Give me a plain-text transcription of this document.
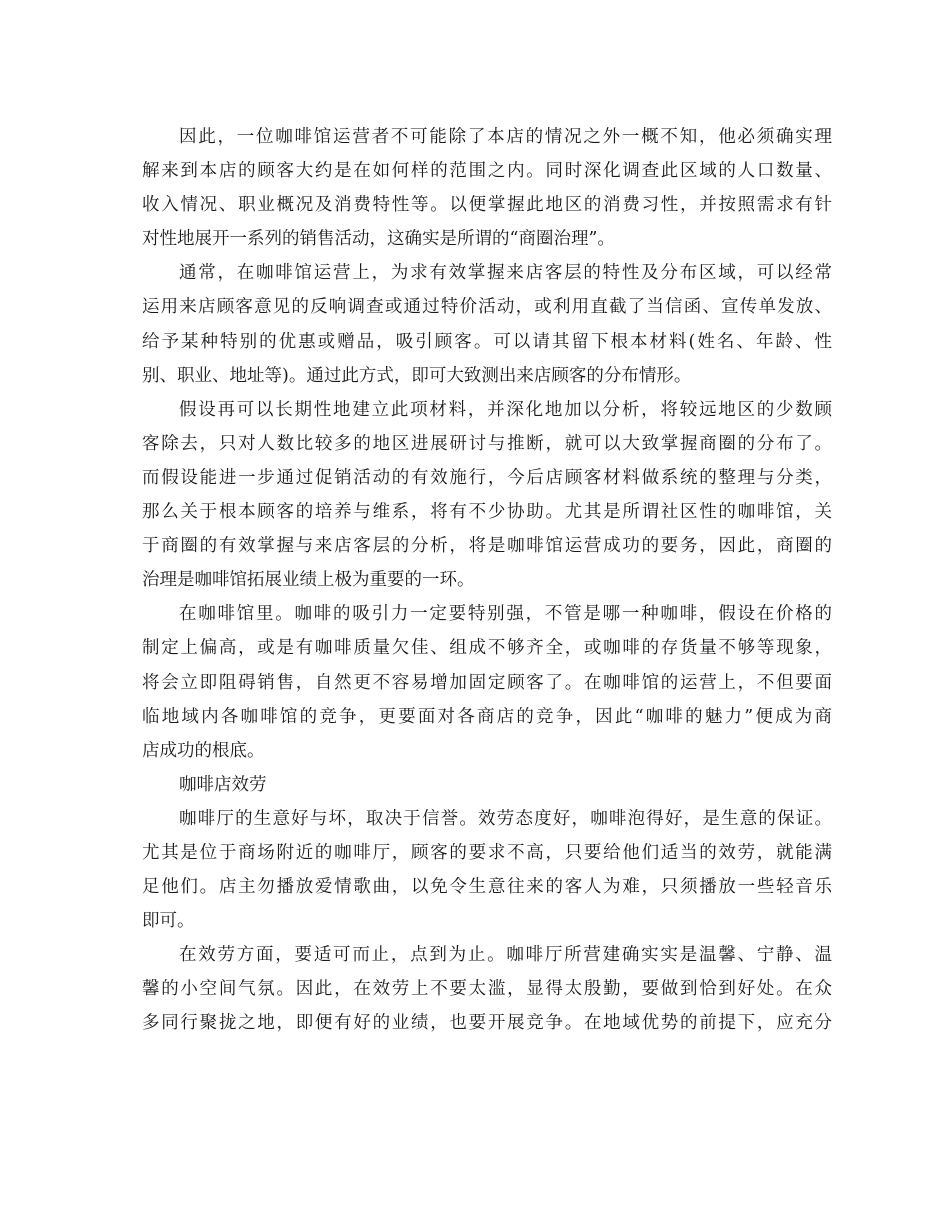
因此，一位咖啡馆运营者不可能除了本店的情况之外一概不知，他必须确实理
解来到本店的顾客大约是在如何样的范围之内。同时深化调查此区域的人口数量、
收入情况、职业概况及消费特性等。以便掌握此地区的消费习性，并按照需求有针
对性地展开一系列的销售活动，这确实是所谓的“商圈治理”。
通常，在咖啡馆运营上，为求有效掌握来店客层的特性及分布区域，可以经常
运用来店顾客意见的反响调查或通过特价活动，或利用直截了当信函、宣传单发放、
给予某种特别的优惠或赠品，吸引顾客。可以请其留下根本材料(姓名、年龄、性
别、职业、地址等)。通过此方式，即可大致测出来店顾客的分布情形。
假设再可以长期性地建立此项材料，并深化地加以分析，将较远地区的少数顾
客除去，只对人数比较多的地区进展研讨与推断，就可以大致掌握商圈的分布了。
而假设能进一步通过促销活动的有效施行，今后店顾客材料做系统的整理与分类，
那么关于根本顾客的培养与维系，将有不少协助。尤其是所谓社区性的咖啡馆，关
于商圈的有效掌握与来店客层的分析，将是咖啡馆运营成功的要务，因此，商圈的
治理是咖啡馆拓展业绩上极为重要的一环。
在咖啡馆里。咖啡的吸引力一定要特别强，不管是哪一种咖啡，假设在价格的
制定上偏高，或是有咖啡质量欠佳、组成不够齐全，或咖啡的存货量不够等现象，
将会立即阻碍销售，自然更不容易增加固定顾客了。在咖啡馆的运营上，不但要面
临地域内各咖啡馆的竞争，更要面对各商店的竞争，因此“咖啡的魅力”便成为商
店成功的根底。
咖啡店效劳
咖啡厅的生意好与坏，取决于信誉。效劳态度好，咖啡泡得好，是生意的保证。
尤其是位于商场附近的咖啡厅，顾客的要求不高，只要给他们适当的效劳，就能满
足他们。店主勿播放爱情歌曲，以免令生意往来的客人为难，只须播放一些轻音乐
即可。
在效劳方面，要适可而止，点到为止。咖啡厅所营建确实实是温馨、宁静、温
馨的小空间气氛。因此，在效劳上不要太滥，显得太殷勤，要做到恰到好处。在众
多同行聚拢之地，即便有好的业绩，也要开展竞争。在地域优势的前提下，应充分
